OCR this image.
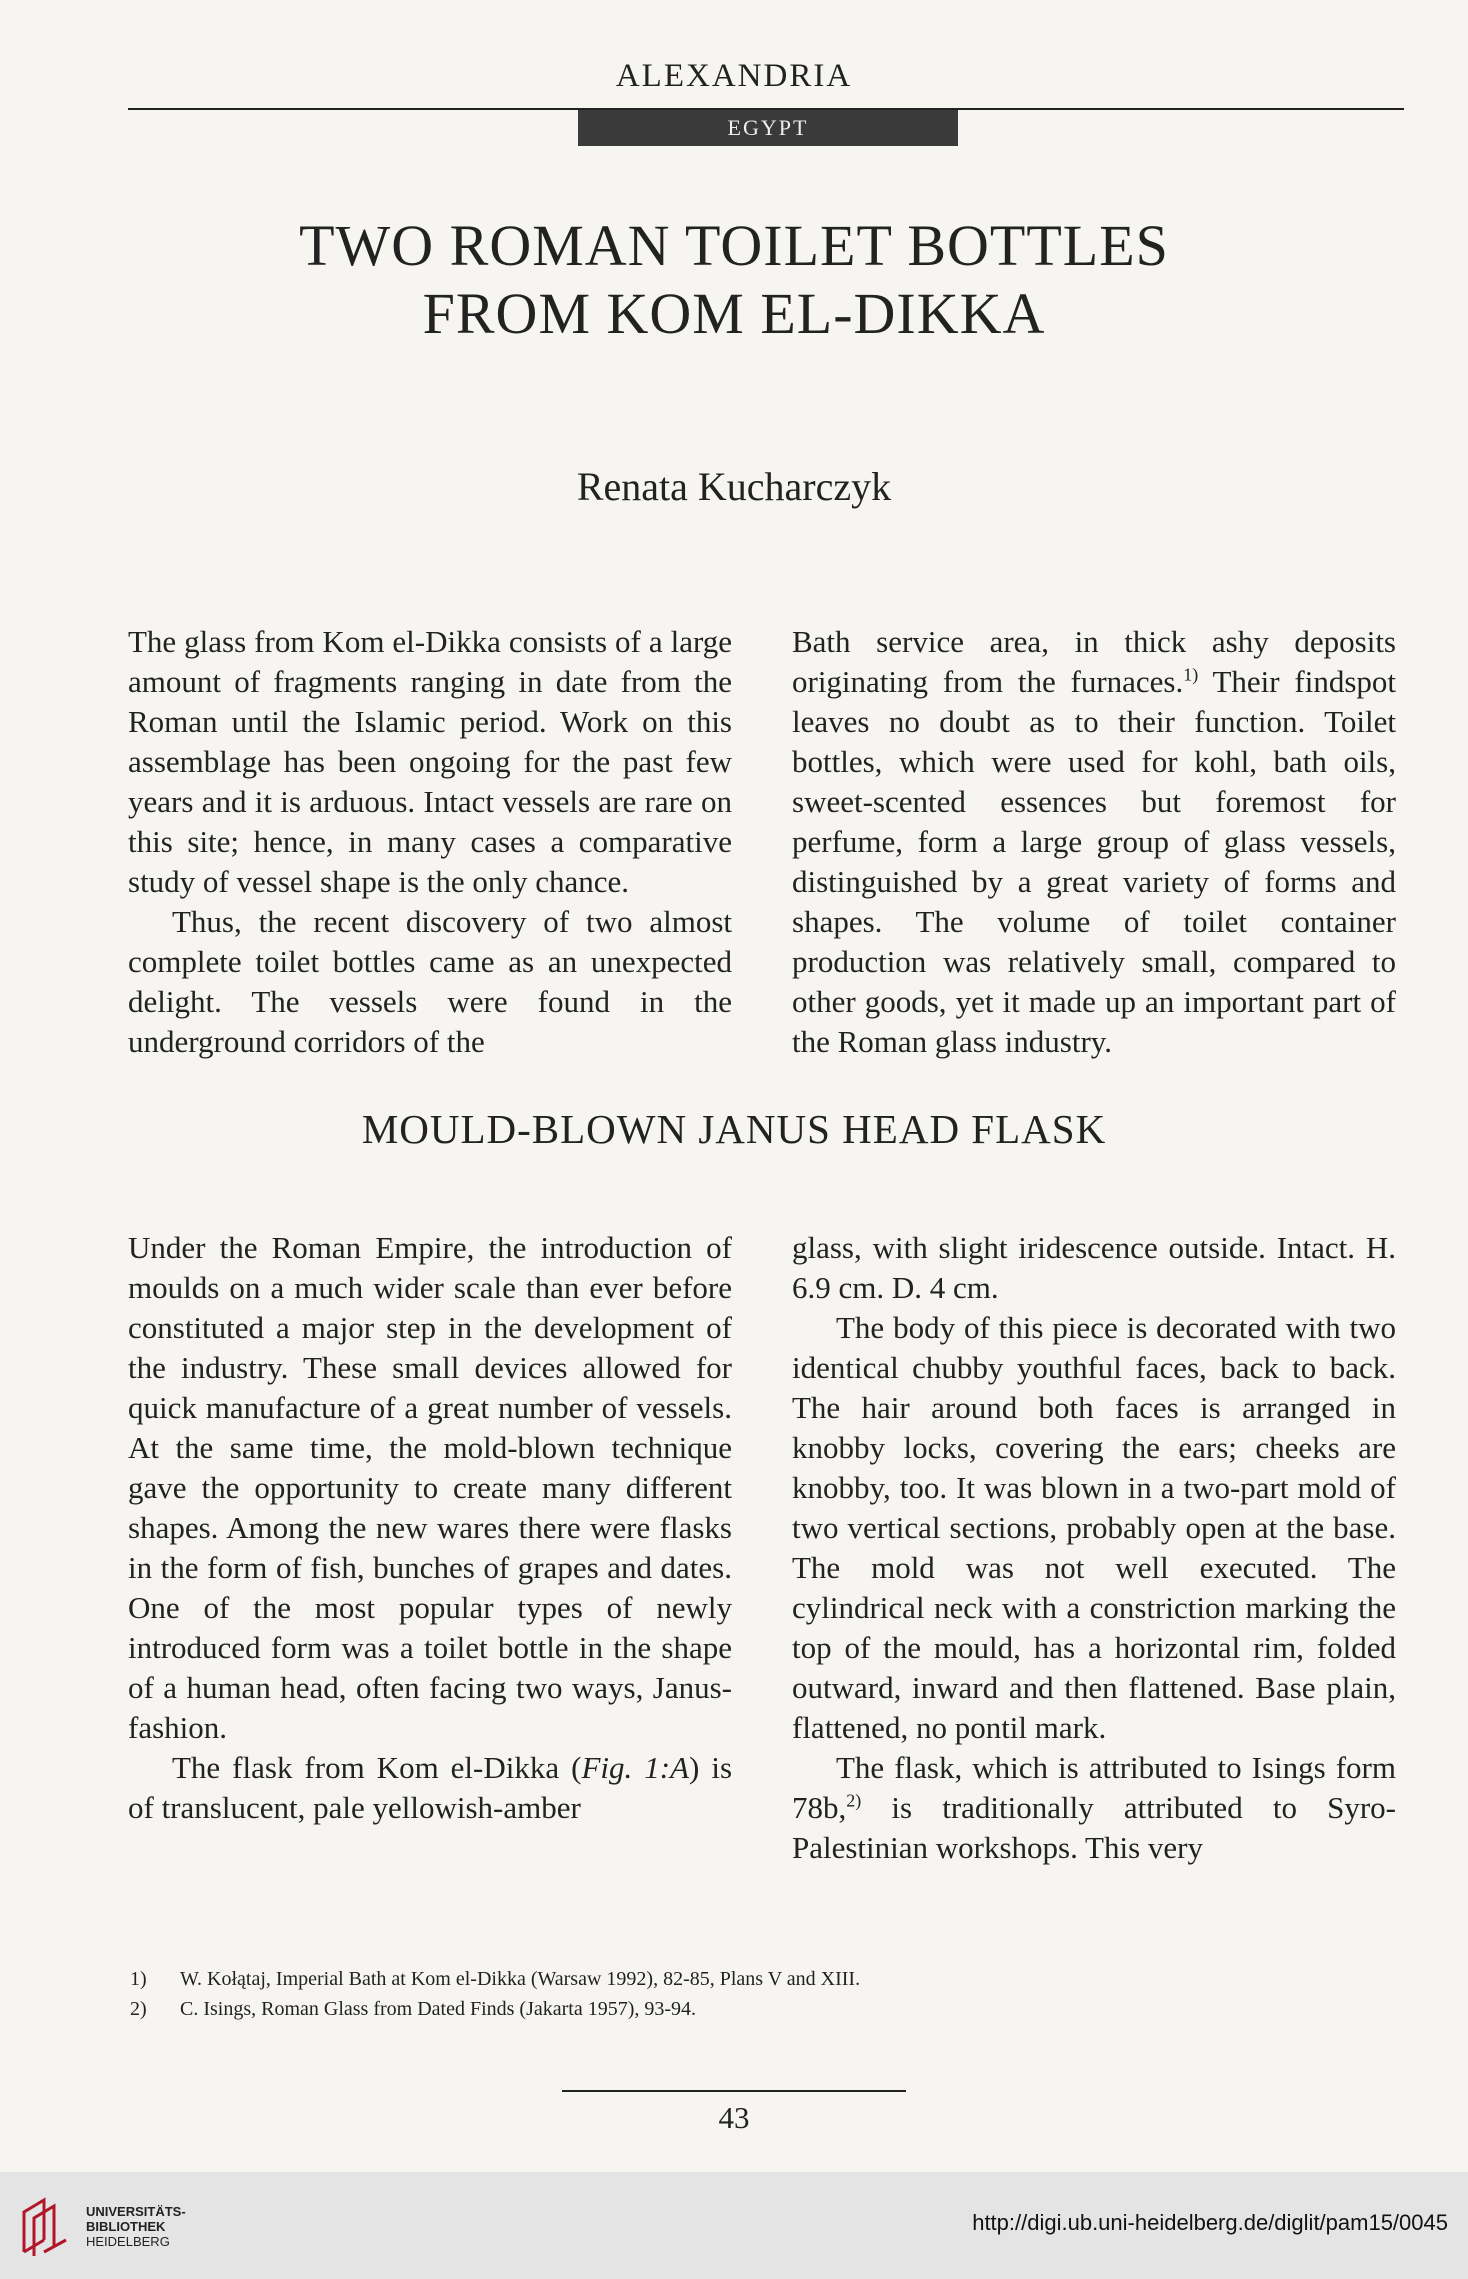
ALEXANDRIA
EGYPT
TWO ROMAN TOILET BOTTLES
FROM KOM EL-DIKKA
Renata Kucharczyk

The glass from Kom el-Dikka consists of a large amount of fragments ranging in date from the Roman until the Islamic period. Work on this assemblage has been ongoing for the past few years and it is arduous. Intact vessels are rare on this site; hence, in many cases a comparative study of vessel shape is the only chance.

Thus, the recent discovery of two almost complete toilet bottles came as an unexpected delight. The vessels were found in the underground corridors of the

Bath service area, in thick ashy deposits originating from the furnaces.$^{1)}$ Their findspot leaves no doubt as to their function. Toilet bottles, which were used for kohl, bath oils, sweet-scented essences but foremost for perfume, form a large group of glass vessels, distinguished by a great variety of forms and shapes. The volume of toilet container production was relatively small, compared to other goods, yet it made up an important part of the Roman glass industry.

MOULD-BLOWN JANUS HEAD FLASK

Under the Roman Empire, the introduction of moulds on a much wider scale than ever before constituted a major step in the development of the industry. These small devices allowed for quick manufacture of a great number of vessels. At the same time, the mold-blown technique gave the opportunity to create many different shapes. Among the new wares there were flasks in the form of fish, bunches of grapes and dates. One of the most popular types of newly introduced form was a toilet bottle in the shape of a human head, often facing two ways, Janus-fashion.

The flask from Kom el-Dikka (Fig. 1:A) is of translucent, pale yellowish-amber

glass, with slight iridescence outside. Intact. H. 6.9 cm. D. 4 cm.

The body of this piece is decorated with two identical chubby youthful faces, back to back. The hair around both faces is arranged in knobby locks, covering the ears; cheeks are knobby, too. It was blown in a two-part mold of two vertical sections, probably open at the base. The mold was not well executed. The cylindrical neck with a constriction marking the top of the mould, has a horizontal rim, folded outward, inward and then flattened. Base plain, flattened, no pontil mark.

The flask, which is attributed to Isings form 78b,$^{2)}$ is traditionally attributed to Syro-Palestinian workshops. This very

1)	W. Kołątaj, Imperial Bath at Kom el-Dikka (Warsaw 1992), 82-85, Plans V and XIII.
2)	C. Isings, Roman Glass from Dated Finds (Jakarta 1957), 93-94.
43
UNIVERSITÄTS-
BIBLIOTHEK
HEIDELBERG
http://digi.ub.uni-heidelberg.de/diglit/pam15/0045
